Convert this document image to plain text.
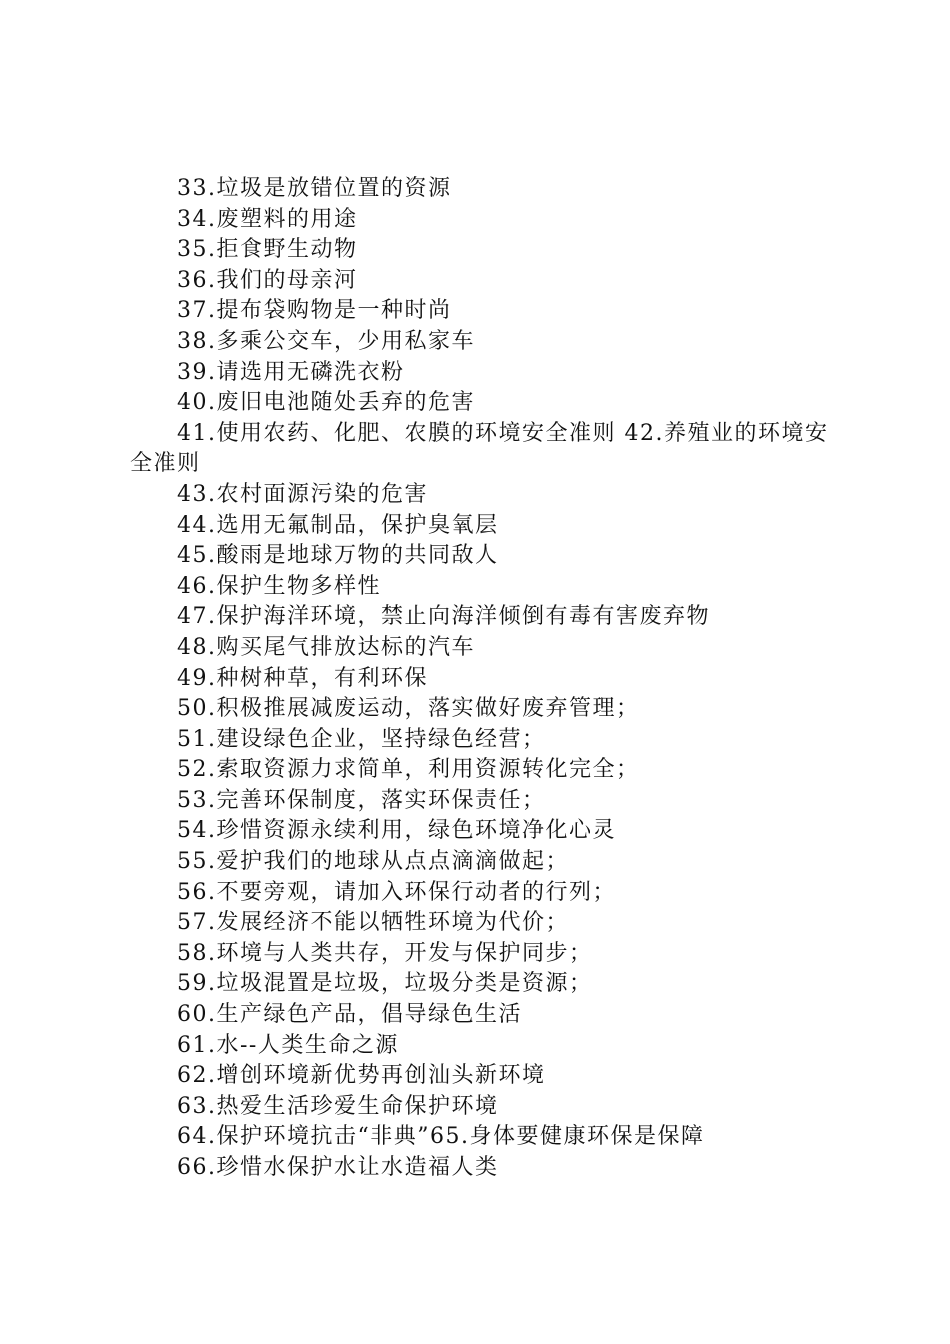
33.垃圾是放错位置的资源
34.废塑料的用途
35.拒食野生动物
36.我们的母亲河
37.提布袋购物是一种时尚
38.多乘公交车，少用私家车
39.请选用无磷洗衣粉
40.废旧电池随处丢弃的危害
41.使用农药、化肥、农膜的环境安全准则 42.养殖业的环境安全准则
43.农村面源污染的危害
44.选用无氟制品，保护臭氧层
45.酸雨是地球万物的共同敌人
46.保护生物多样性
47.保护海洋环境，禁止向海洋倾倒有毒有害废弃物
48.购买尾气排放达标的汽车
49.种树种草，有利环保
50.积极推展减废运动，落实做好废弃管理；
51.建设绿色企业，坚持绿色经营；
52.索取资源力求简单，利用资源转化完全；
53.完善环保制度，落实环保责任；
54.珍惜资源永续利用，绿色环境净化心灵
55.爱护我们的地球从点点滴滴做起；
56.不要旁观，请加入环保行动者的行列；
57.发展经济不能以牺牲环境为代价；
58.环境与人类共存，开发与保护同步；
59.垃圾混置是垃圾，垃圾分类是资源；
60.生产绿色产品，倡导绿色生活
61.水--人类生命之源
62.增创环境新优势再创汕头新环境
63.热爱生活珍爱生命保护环境
64.保护环境抗击“非典”65.身体要健康环保是保障
66.珍惜水保护水让水造福人类
